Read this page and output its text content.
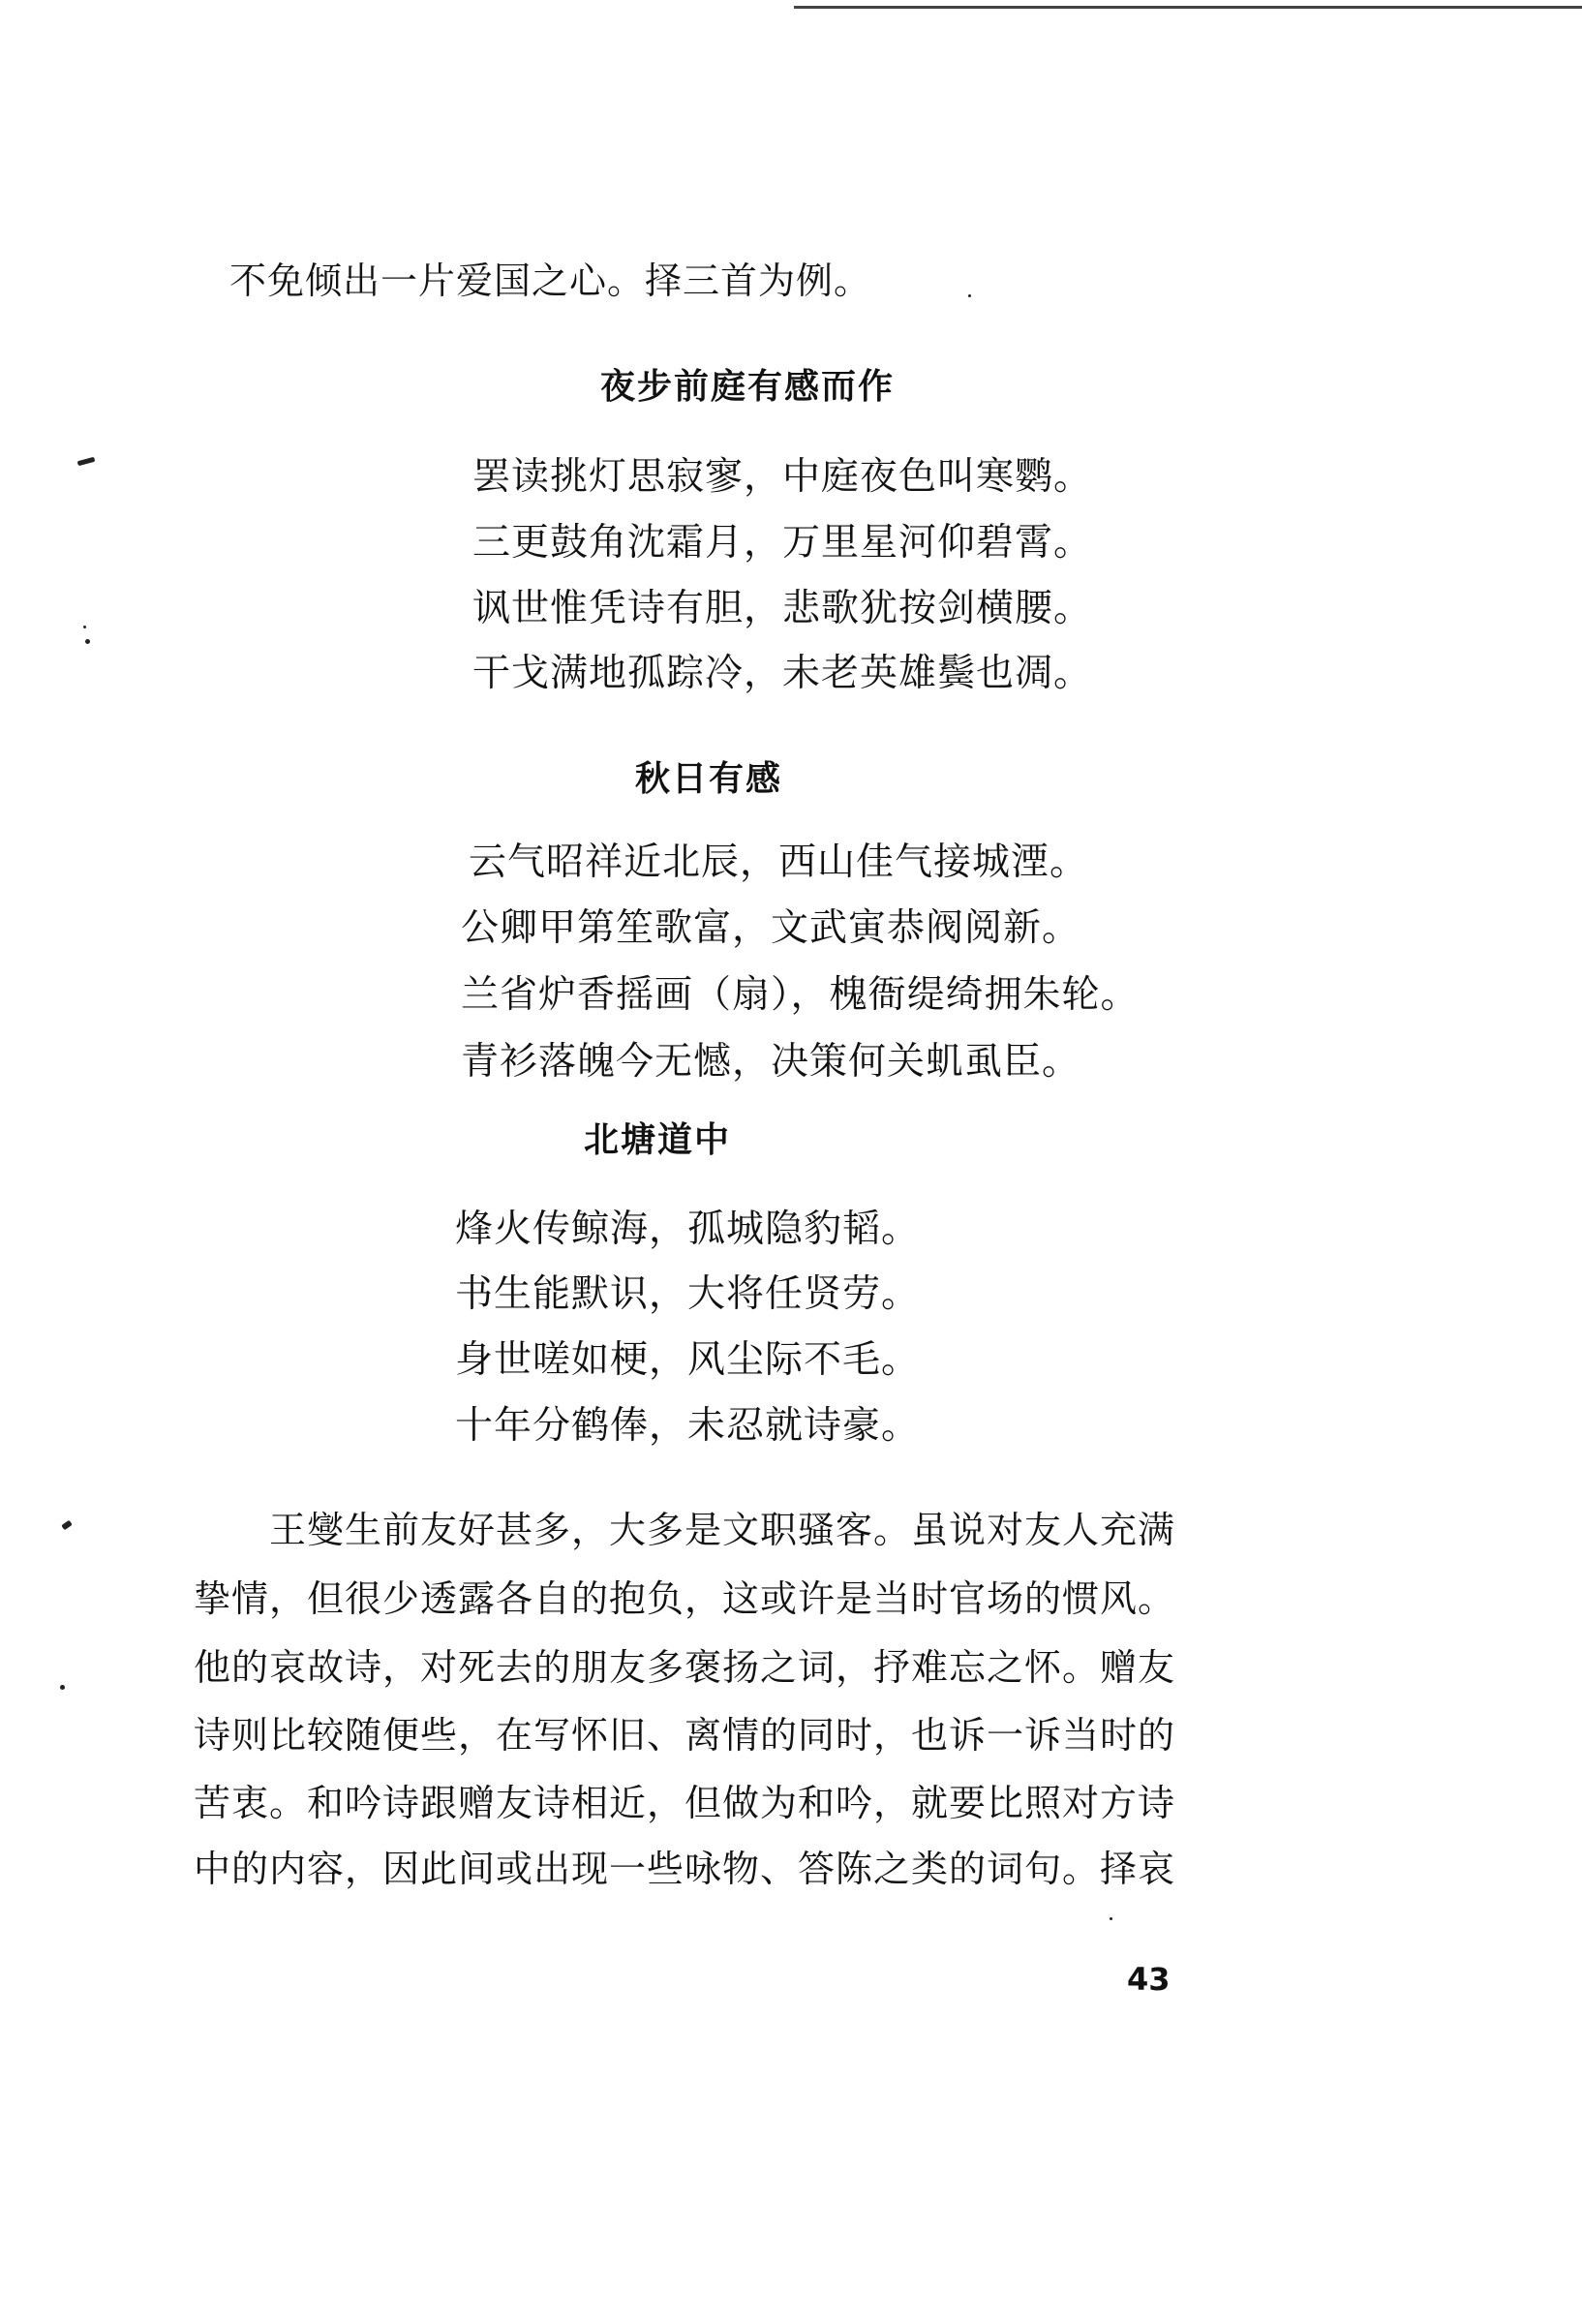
不免倾出一片爱国之心。择三首为例。
夜步前庭有感而作
罢读挑灯思寂寥，中庭夜色叫寒鹦。
三更鼓角沈霜月，万里星河仰碧霄。
讽世惟凭诗有胆，悲歌犹按剑横腰。
干戈满地孤踪冷，未老英雄鬓也凋。
秋日有感
云气昭祥近北辰，西山佳气接城湮。
公卿甲第笙歌富，文武寅恭阀阅新。
兰省炉香摇画（扇），槐衙缇绮拥朱轮。
青衫落魄今无憾，决策何关虮虱臣。
北塘道中
烽火传鲸海，孤城隐豹韬。
书生能默识，大将任贤劳。
身世嗟如梗，风尘际不毛。
十年分鹤俸，未忍就诗豪。
王燮生前友好甚多，大多是文职骚客。虽说对友人充满
挚情，但很少透露各自的抱负，这或许是当时官场的惯风。
他的哀故诗，对死去的朋友多褒扬之词，抒难忘之怀。赠友
诗则比较随便些，在写怀旧、离情的同时，也诉一诉当时的
苦衷。和吟诗跟赠友诗相近，但做为和吟，就要比照对方诗
中的内容，因此间或出现一些咏物、答陈之类的词句。择哀
43
